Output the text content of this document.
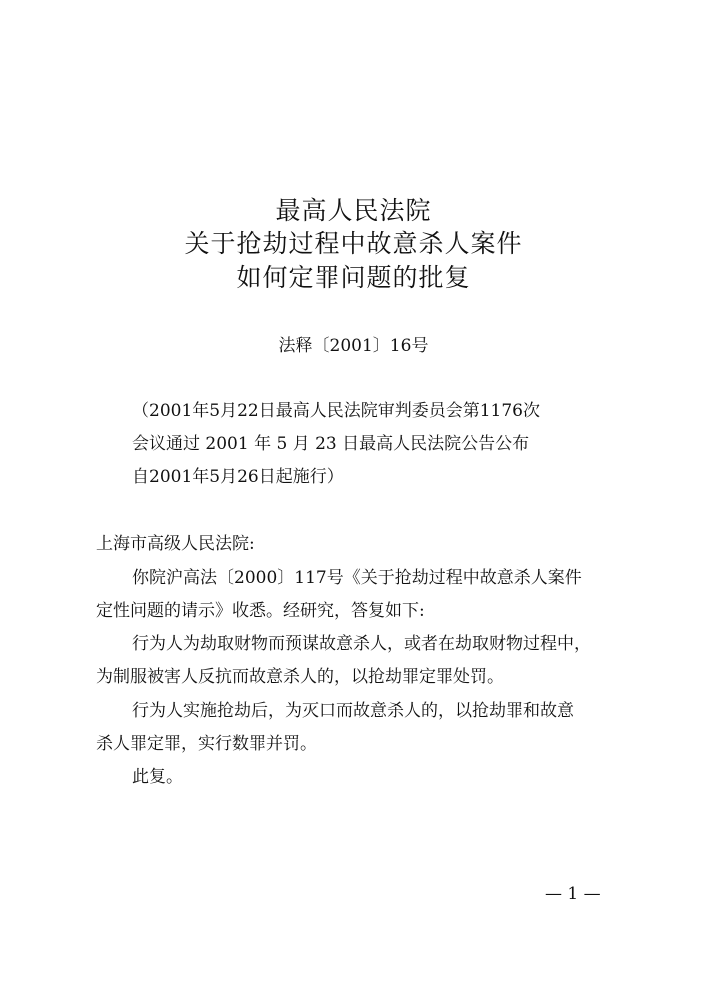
最高人民法院
关于抢劫过程中故意杀人案件
如何定罪问题的批复
法释〔2001〕16号
（2001年5月22日最高人民法院审判委员会第1176次
会议通过 2001 年 5 月 23 日最高人民法院公告公布
自2001年5月26日起施行）
上海市高级人民法院:
你院沪高法〔2000〕117号《关于抢劫过程中故意杀人案件
定性问题的请示》收悉。经研究，答复如下:
行为人为劫取财物而预谋故意杀人，或者在劫取财物过程中，
为制服被害人反抗而故意杀人的，以抢劫罪定罪处罚。
行为人实施抢劫后，为灭口而故意杀人的，以抢劫罪和故意
杀人罪定罪，实行数罪并罚。
此复。
— 1 —
